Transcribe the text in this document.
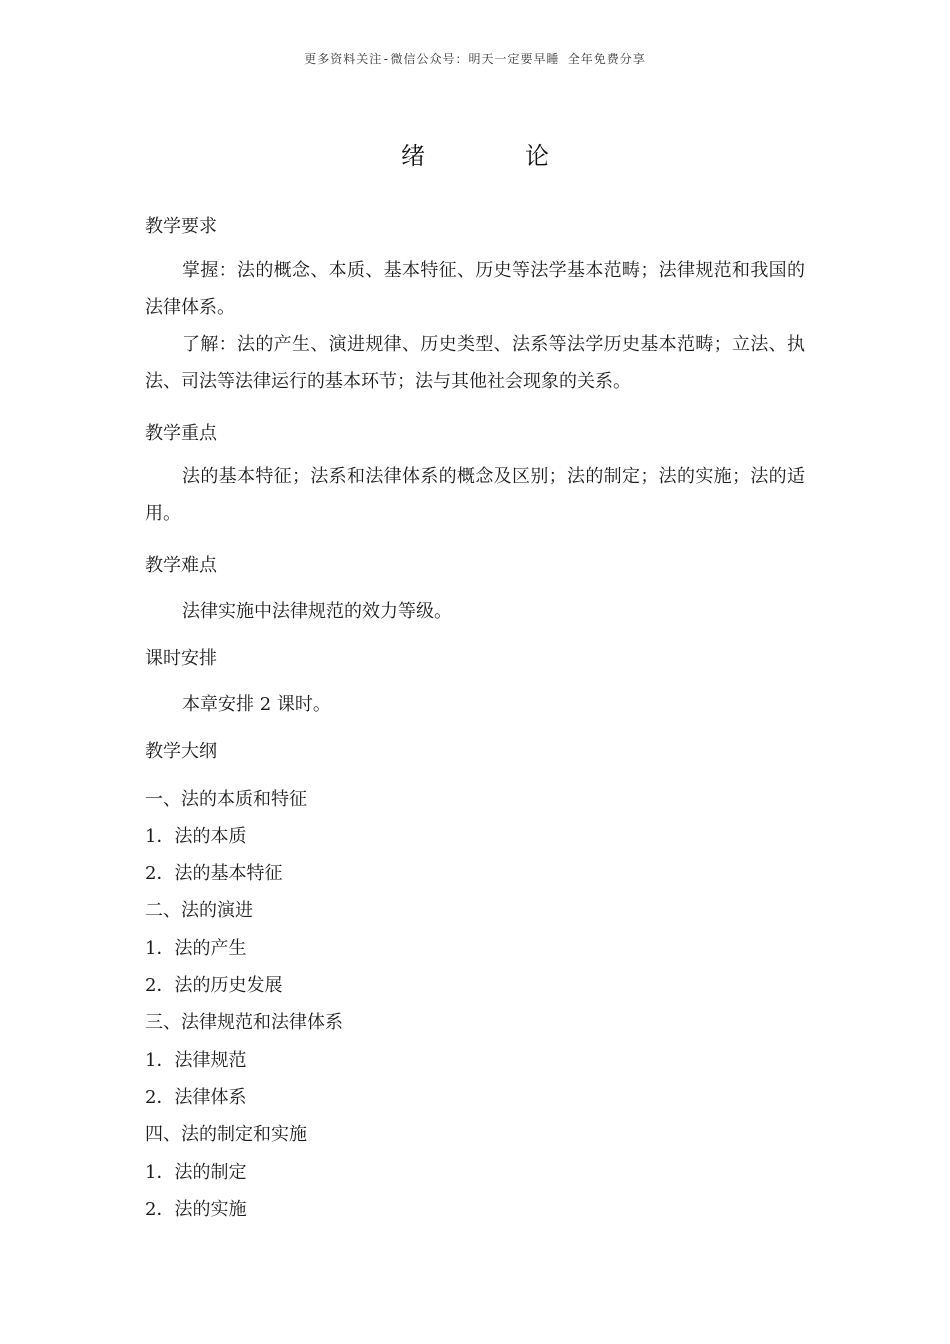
更多资料关注-微信公众号：明天一定要早睡 全年免费分享
绪	论
教学要求
掌握：法的概念、本质、基本特征、历史等法学基本范畴；法律规范和我国的法律体系。
了解：法的产生、演进规律、历史类型、法系等法学历史基本范畴；立法、执法、司法等法律运行的基本环节；法与其他社会现象的关系。
教学重点
法的基本特征；法系和法律体系的概念及区别；法的制定；法的实施；法的适用。
教学难点
法律实施中法律规范的效力等级。
课时安排
本章安排 2 课时。
教学大纲
一、法的本质和特征
1．法的本质
2．法的基本特征
二、法的演进
1．法的产生
2．法的历史发展
三、法律规范和法律体系
1．法律规范
2．法律体系
四、法的制定和实施
1．法的制定
2．法的实施
